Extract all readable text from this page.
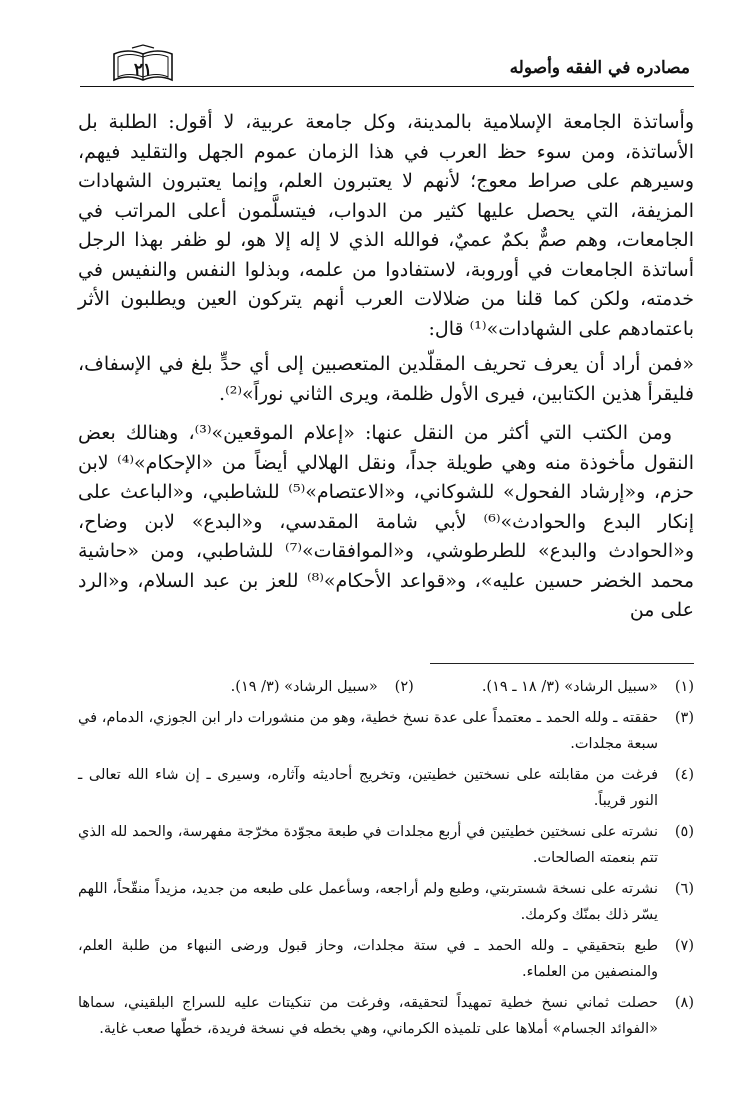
٢١	مصادره في الفقه وأصوله

وأساتذة الجامعة الإسلامية بالمدينة، وكل جامعة عربية، لا أقول: الطلبة بل الأساتذة، ومن سوء حظ العرب في هذا الزمان عموم الجهل والتقليد فيهم، وسيرهم على صراط معوج؛ لأنهم لا يعتبرون العلم، وإنما يعتبرون الشهادات المزيفة، التي يحصل عليها كثير من الدواب، فيتسلَّمون أعلى المراتب في الجامعات، وهم صمٌّ بكمٌ عميٌ، فوالله الذي لا إله إلا هو، لو ظفر بهذا الرجل أساتذة الجامعات في أوروبة، لاستفادوا من علمه، وبذلوا النفس والنفيس في خدمته، ولكن كما قلنا من ضلالات العرب أنهم يتركون العين ويطلبون الأثر باعتمادهم على الشهادات»⁽¹⁾ قال:

«فمن أراد أن يعرف تحريف المقلّدين المتعصبين إلى أي حدٍّ بلغ في الإسفاف، فليقرأ هذين الكتابين، فيرى الأول ظلمة، ويرى الثاني نوراً»⁽²⁾.

ومن الكتب التي أكثر من النقل عنها: «إعلام الموقعين»⁽³⁾، وهنالك بعض النقول مأخوذة منه وهي طويلة جداً، ونقل الهلالي أيضاً من «الإحكام»⁽⁴⁾ لابن حزم، و«إرشاد الفحول» للشوكاني، و«الاعتصام»⁽⁵⁾ للشاطبي، و«الباعث على إنكار البدع والحوادث»⁽⁶⁾ لأبي شامة المقدسي، و«البدع» لابن وضاح، و«الحوادث والبدع» للطرطوشي، و«الموافقات»⁽⁷⁾ للشاطبي، ومن «حاشية محمد الخضر حسين عليه»، و«قواعد الأحكام»⁽⁸⁾ للعز بن عبد السلام، و«الرد على من

(١)
«سبيل الرشاد» (٣/ ١٨ ـ ١٩).
(٢)
«سبيل الرشاد» (٣/ ١٩).
(٣)
حققته ـ ولله الحمد ـ معتمداً على عدة نسخ خطية، وهو من منشورات دار ابن الجوزي، الدمام، في سبعة مجلدات.
(٤)
فرغت من مقابلته على نسختين خطيتين، وتخريج أحاديثه وآثاره، وسيرى ـ إن شاء الله تعالى ـ النور قريباً.
(٥)
نشرته على نسختين خطيتين في أربع مجلدات في طبعة مجوّدة مخرّجة مفهرسة، والحمد لله الذي تتم بنعمته الصالحات.
(٦)
نشرته على نسخة شستربتي، وطبع ولم أراجعه، وسأعمل على طبعه من جديد، مزيداً منقّحاً، اللهم يسّر ذلك بمنّك وكرمك.
(٧)
طبع بتحقيقي ـ ولله الحمد ـ في ستة مجلدات، وحاز قبول ورضى النبهاء من طلبة العلم، والمنصفين من العلماء.
(٨)
حصلت ثماني نسخ خطية تمهيداً لتحقيقه، وفرغت من تنكيتات عليه للسراج البلقيني، سماها «الفوائد الجسام» أملاها على تلميذه الكرماني، وهي بخطه في نسخة فريدة، خطّها صعب غاية.
